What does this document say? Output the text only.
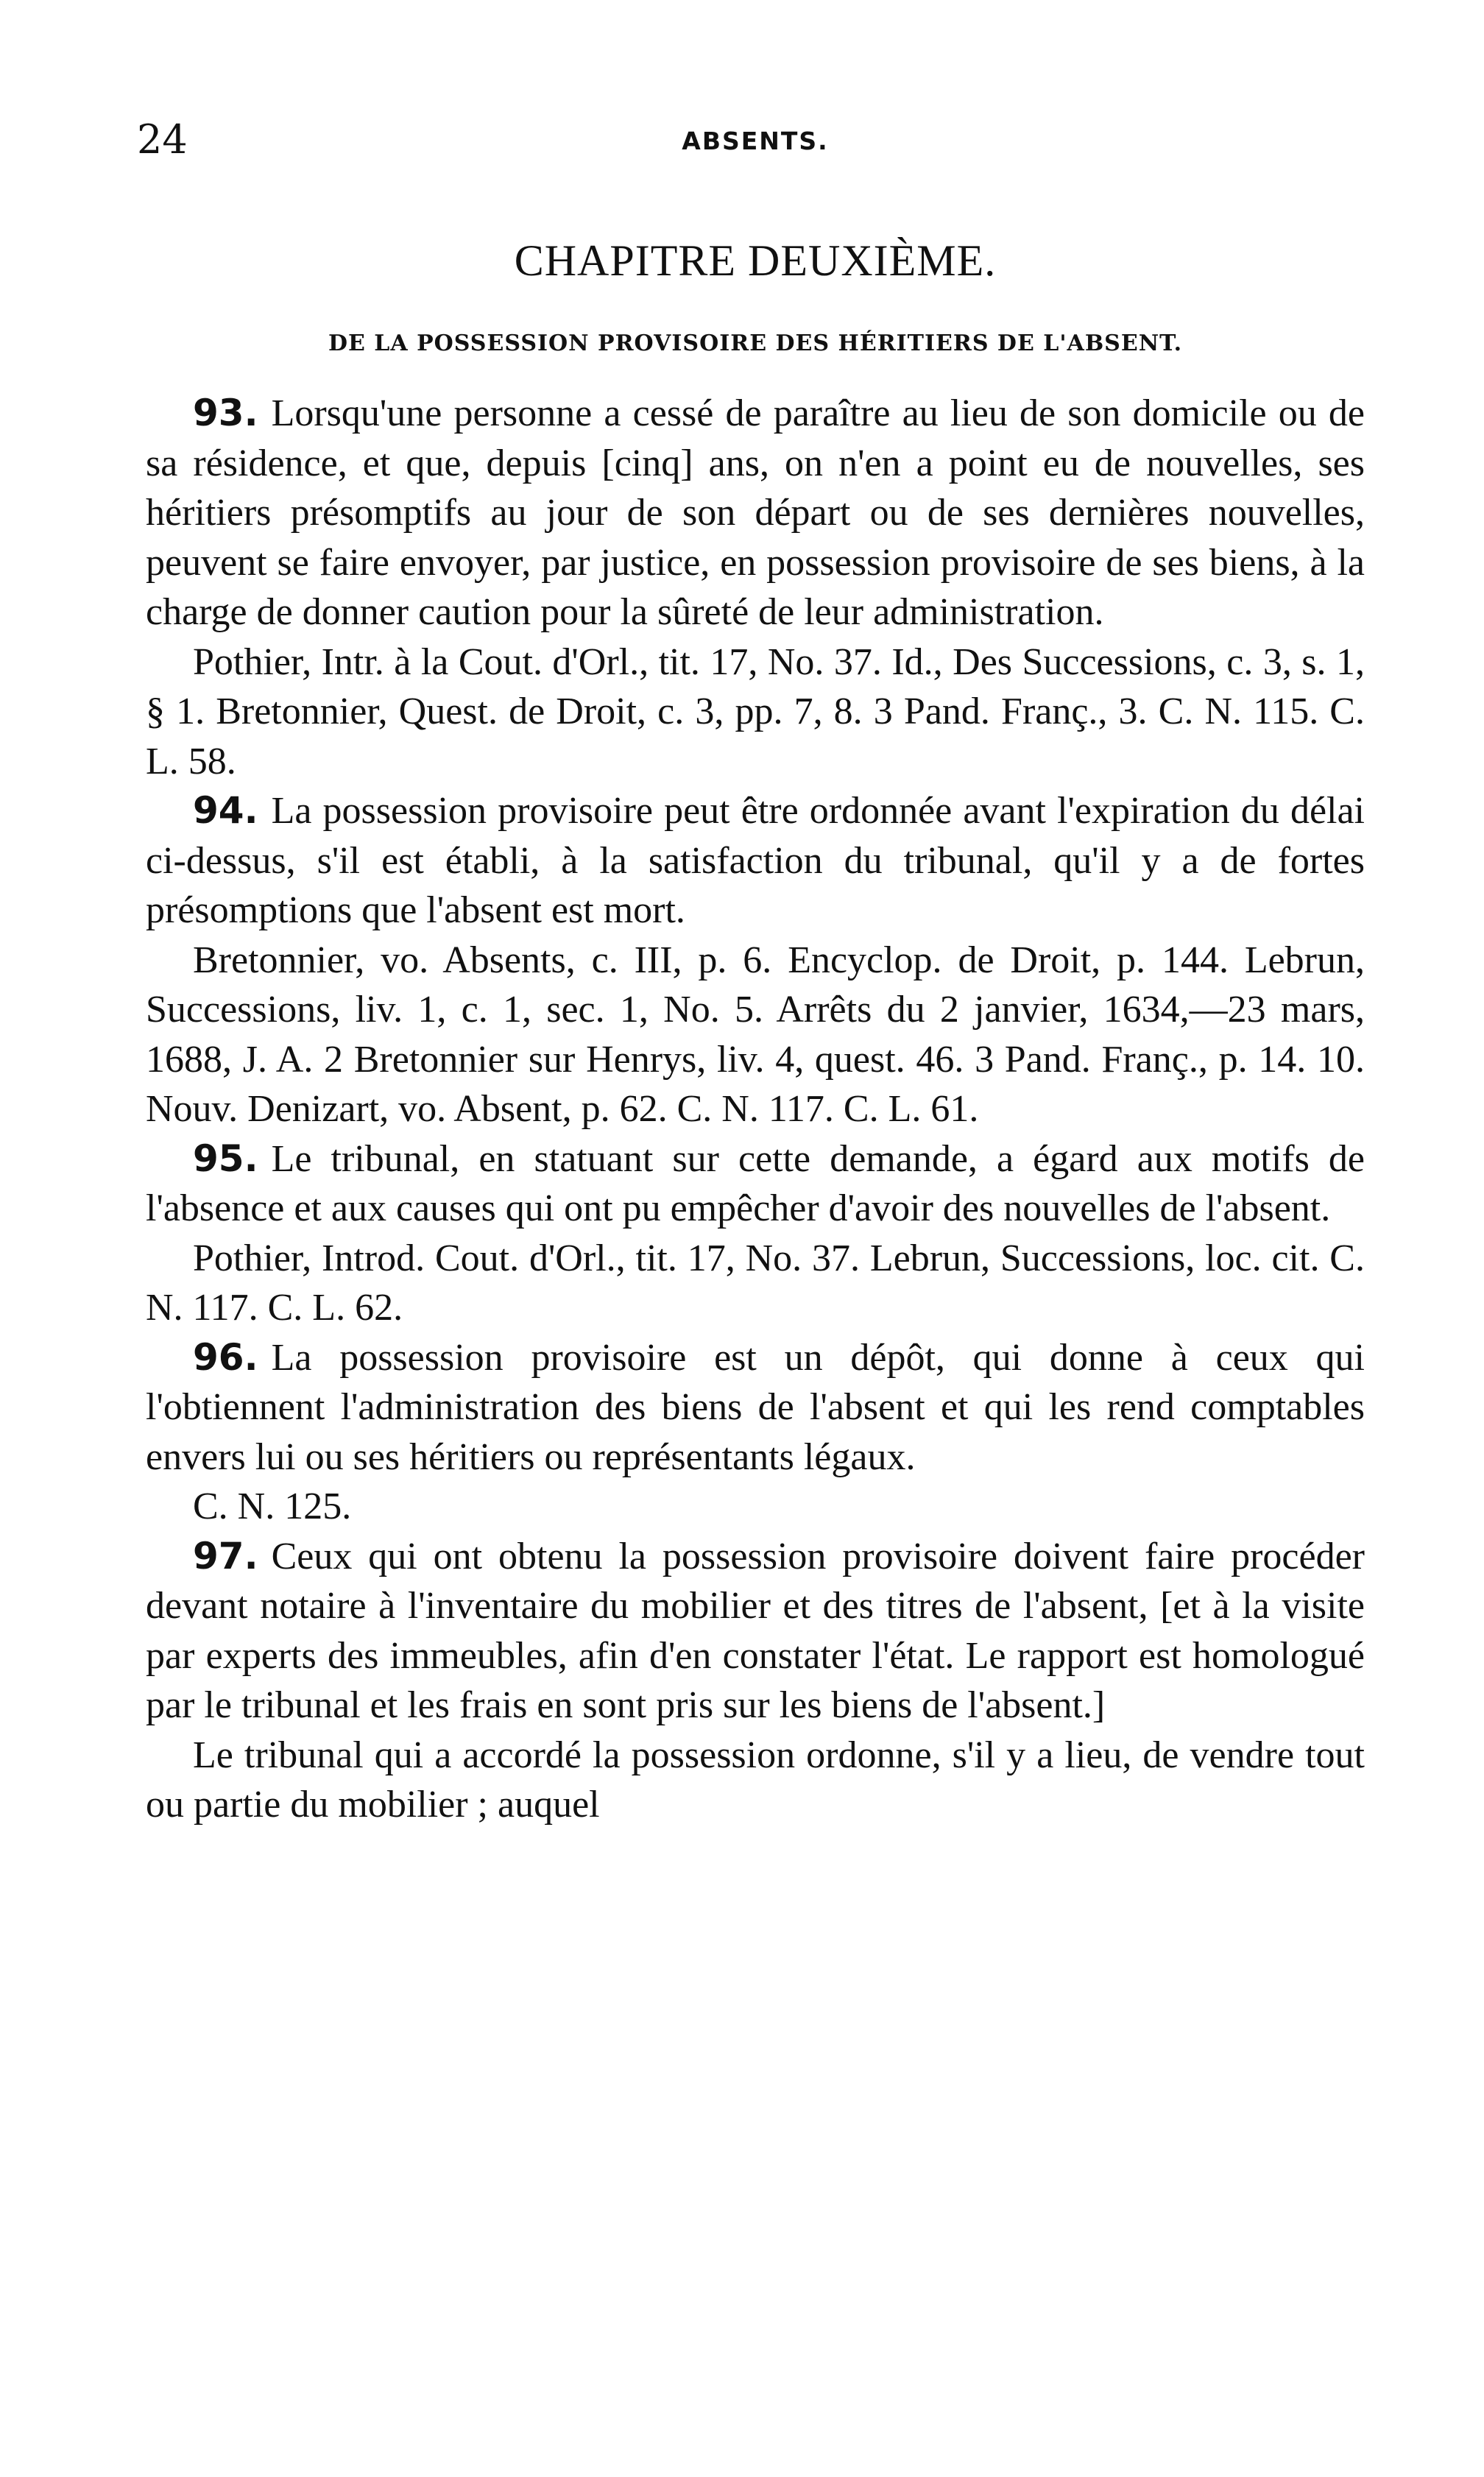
24	ABSENTS.
CHAPITRE DEUXIÈME.
DE LA POSSESSION PROVISOIRE DES HÉRITIERS DE L'ABSENT.

93. Lorsqu'une personne a cessé de paraître au lieu de son domicile ou de sa résidence, et que, depuis [cinq] ans, on n'en a point eu de nouvelles, ses héritiers présomptifs au jour de son départ ou de ses dernières nouvelles, peuvent se faire envoyer, par justice, en possession provisoire de ses biens, à la charge de donner caution pour la sûreté de leur administration.

Pothier, Intr. à la Cout. d'Orl., tit. 17, No. 37. Id., Des Successions, c. 3, s. 1, § 1. Bretonnier, Quest. de Droit, c. 3, pp. 7, 8. 3 Pand. Franç., 3. C. N. 115. C. L. 58.

94. La possession provisoire peut être ordonnée avant l'expiration du délai ci-dessus, s'il est établi, à la satisfaction du tribunal, qu'il y a de fortes présomptions que l'absent est mort.

Bretonnier, vo. Absents, c. III, p. 6. Encyclop. de Droit, p. 144. Lebrun, Successions, liv. 1, c. 1, sec. 1, No. 5. Arrêts du 2 janvier, 1634,—23 mars, 1688, J. A. 2 Bretonnier sur Henrys, liv. 4, quest. 46. 3 Pand. Franç., p. 14. 10. Nouv. Denizart, vo. Absent, p. 62. C. N. 117. C. L. 61.

95. Le tribunal, en statuant sur cette demande, a égard aux motifs de l'absence et aux causes qui ont pu empêcher d'avoir des nouvelles de l'absent.

Pothier, Introd. Cout. d'Orl., tit. 17, No. 37. Lebrun, Successions, loc. cit. C. N. 117. C. L. 62.

96. La possession provisoire est un dépôt, qui donne à ceux qui l'obtiennent l'administration des biens de l'absent et qui les rend comptables envers lui ou ses héritiers ou représentants légaux.

C. N. 125.

97. Ceux qui ont obtenu la possession provisoire doivent faire procéder devant notaire à l'inventaire du mobilier et des titres de l'absent, [et à la visite par experts des immeubles, afin d'en constater l'état. Le rapport est homologué par le tribunal et les frais en sont pris sur les biens de l'absent.]

Le tribunal qui a accordé la possession ordonne, s'il y a lieu, de vendre tout ou partie du mobilier ; auquel
